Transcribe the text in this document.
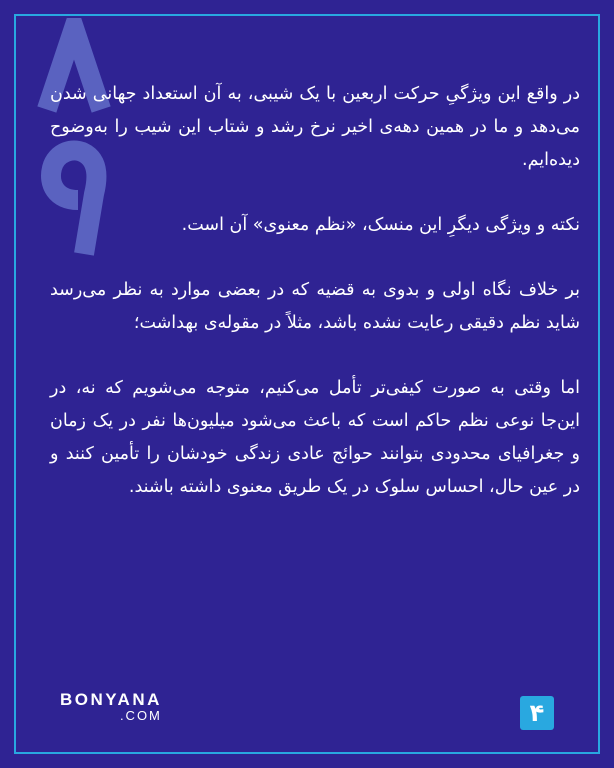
در واقع این ویژگیِ حرکت اربعین با یک شیبی، به آن استعداد جهانی شدن می‌دهد و ما در همین دهه‌ی اخیر نرخ رشد و شتاب این شیب را به‌وضوح دیده‌ایم.

نکته و ویژگی دیگرِ این منسک، «نظم معنوی» آن است.

بر خلاف نگاه اولی و بدوی به قضیه که در بعضی موارد به نظر می‌رسد شاید نظم دقیقی رعایت نشده باشد، مثلاً در مقوله‌ی بهداشت؛

اما وقتی به صورت کیفی‌تر تأمل می‌کنیم، متوجه می‌شویم که نه، در این‌جا نوعی نظم حاکم است که باعث می‌شود میلیون‌ها نفر در یک زمان و جغرافیای محدودی بتوانند حوائج عادی زندگی خودشان را تأمین کنند و در عین حال، احساس سلوک در یک طریق معنوی داشته باشند.

BONYANA
.COM	۴
